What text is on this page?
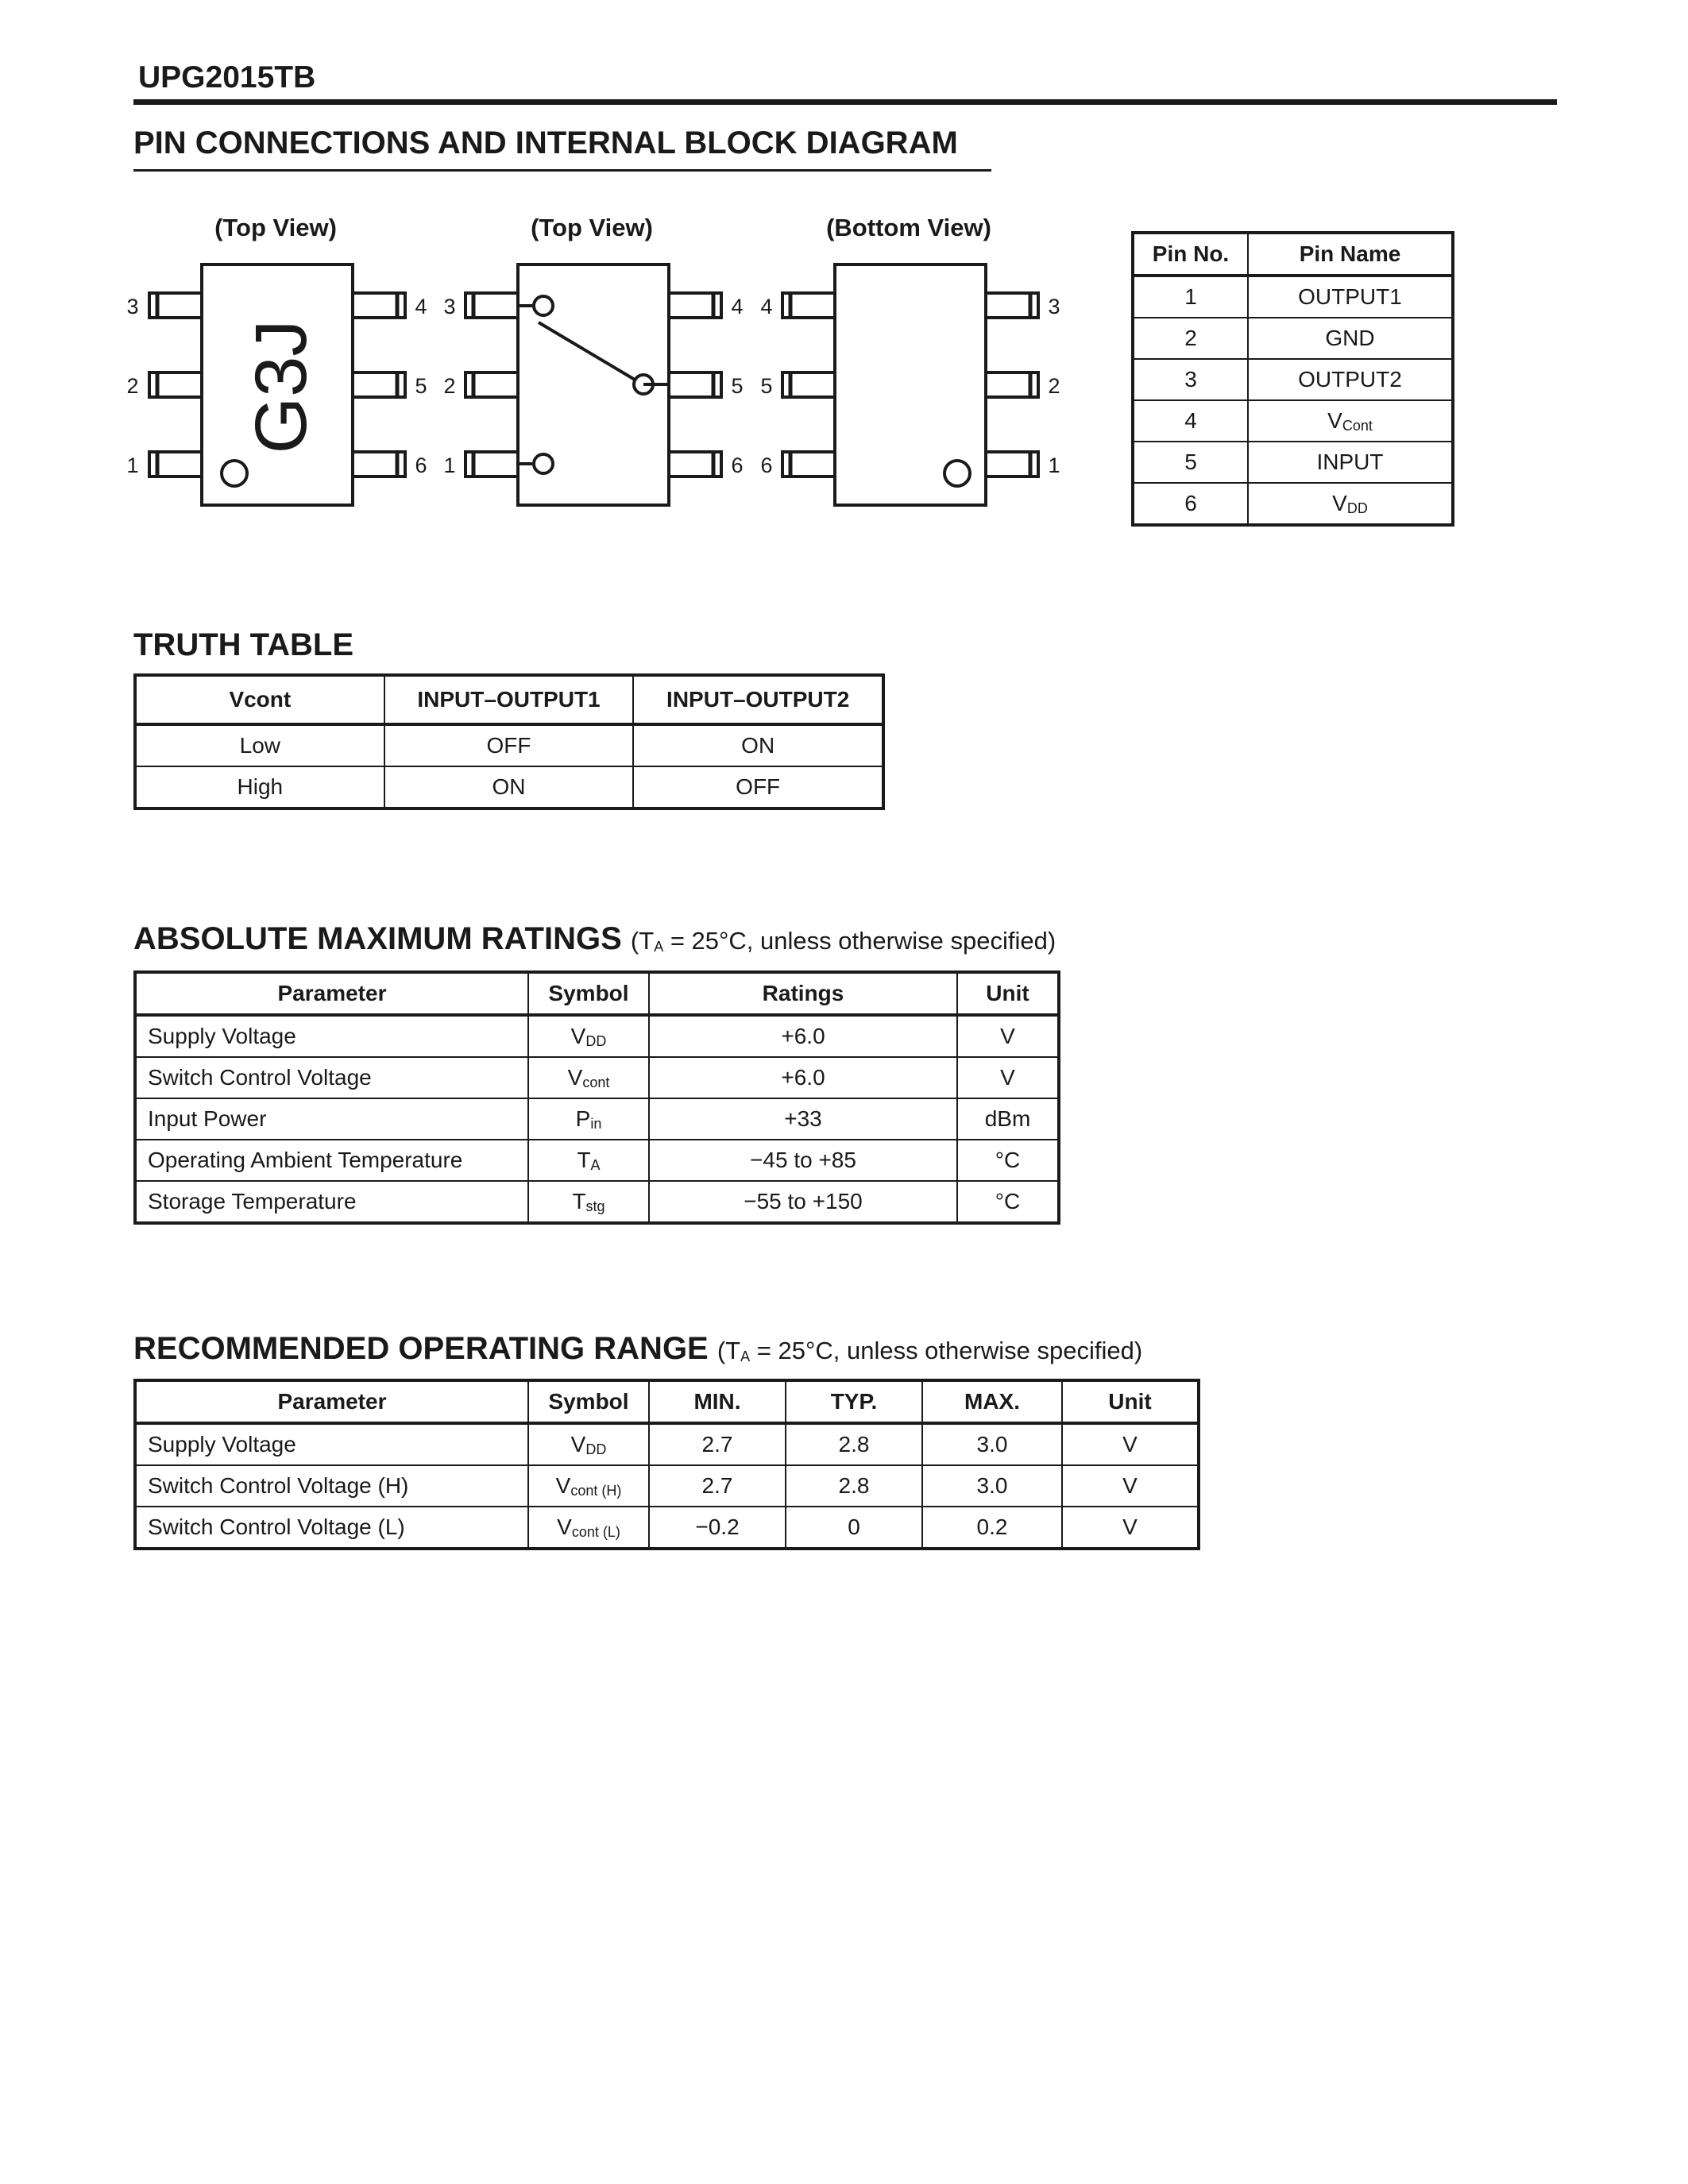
UPG2015TB
PIN CONNECTIONS AND INTERNAL BLOCK DIAGRAM
(Top View)	(Top View)	(Bottom View)
3
2
1
4
5
6
3
2
1
4
5
6
4
5
6
3
2
1
G3J
Pin No.	Pin Name
1	OUTPUT1
2	GND
3	OUTPUT2
4	VCont
5	INPUT
6	VDD
TRUTH TABLE
Vcont	INPUT–OUTPUT1	INPUT–OUTPUT2
Low	OFF	ON
High	ON	OFF
ABSOLUTE MAXIMUM RATINGS (TA = 25°C, unless otherwise specified)
Parameter	Symbol	Ratings	Unit
Supply Voltage	VDD	+6.0	V
Switch Control Voltage	Vcont	+6.0	V
Input Power	Pin	+33	dBm
Operating Ambient Temperature	TA	−45 to +85	°C
Storage Temperature	Tstg	−55 to +150	°C
RECOMMENDED OPERATING RANGE (TA = 25°C, unless otherwise specified)
Parameter	Symbol	MIN.	TYP.	MAX.	Unit
Supply Voltage	VDD	2.7	2.8	3.0	V
Switch Control Voltage (H)	Vcont (H)	2.7	2.8	3.0	V
Switch Control Voltage (L)	Vcont (L)	−0.2	0	0.2	V
